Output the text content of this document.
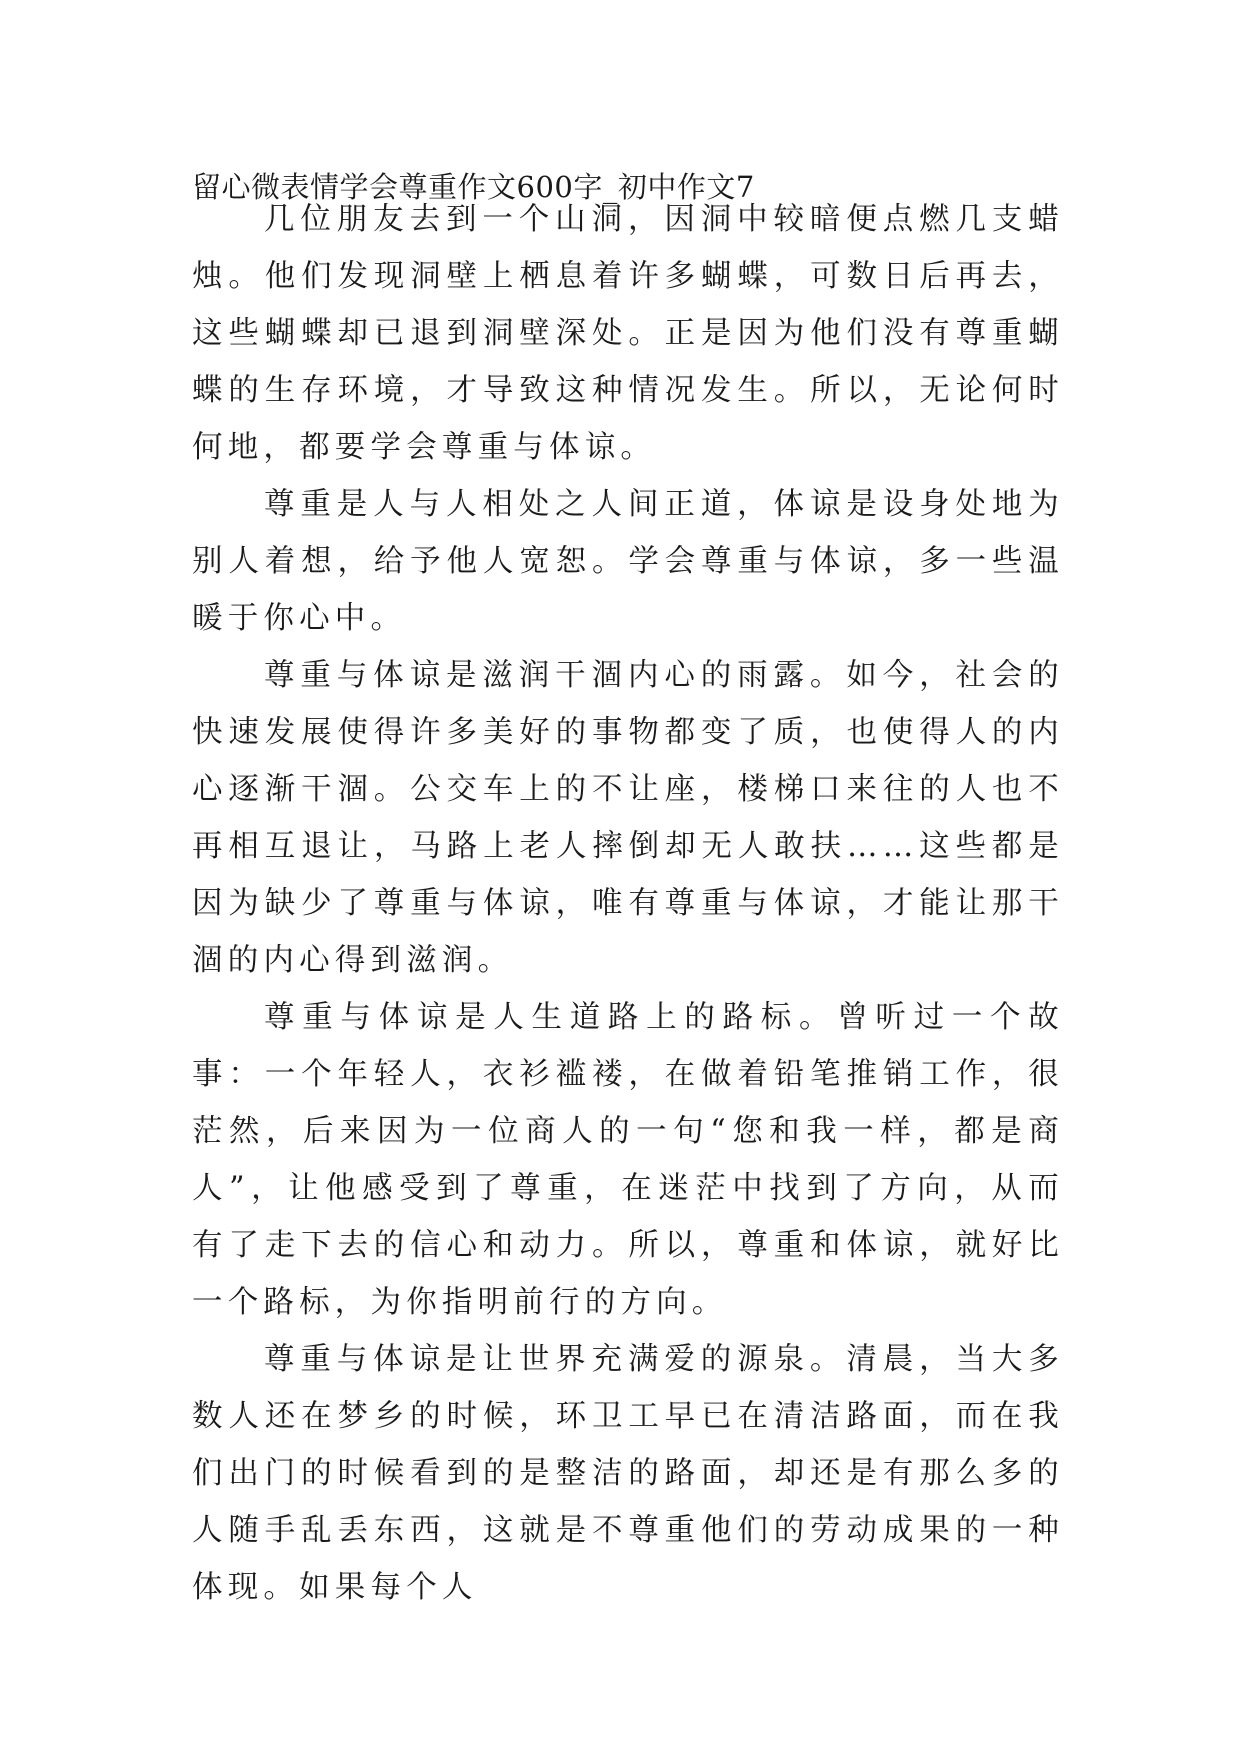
留心微表情学会尊重作文600字_初中作文7

几位朋友去到一个山洞，因洞中较暗便点燃几支蜡烛。他们发现洞壁上栖息着许多蝴蝶，可数日后再去，这些蝴蝶却已退到洞壁深处。正是因为他们没有尊重蝴蝶的生存环境，才导致这种情况发生。所以，无论何时何地，都要学会尊重与体谅。

尊重是人与人相处之人间正道，体谅是设身处地为别人着想，给予他人宽恕。学会尊重与体谅，多一些温暖于你心中。

尊重与体谅是滋润干涸内心的雨露。如今，社会的快速发展使得许多美好的事物都变了质，也使得人的内心逐渐干涸。公交车上的不让座，楼梯口来往的人也不再相互退让，马路上老人摔倒却无人敢扶……这些都是因为缺少了尊重与体谅，唯有尊重与体谅，才能让那干涸的内心得到滋润。

尊重与体谅是人生道路上的路标。曾听过一个故事：一个年轻人，衣衫褴褛，在做着铅笔推销工作，很茫然，后来因为一位商人的一句“您和我一样，都是商人”，让他感受到了尊重，在迷茫中找到了方向，从而有了走下去的信心和动力。所以，尊重和体谅，就好比一个路标，为你指明前行的方向。

尊重与体谅是让世界充满爱的源泉。清晨，当大多数人还在梦乡的时候，环卫工早已在清洁路面，而在我们出门的时候看到的是整洁的路面，却还是有那么多的人随手乱丢东西，这就是不尊重他们的劳动成果的一种体现。如果每个人
